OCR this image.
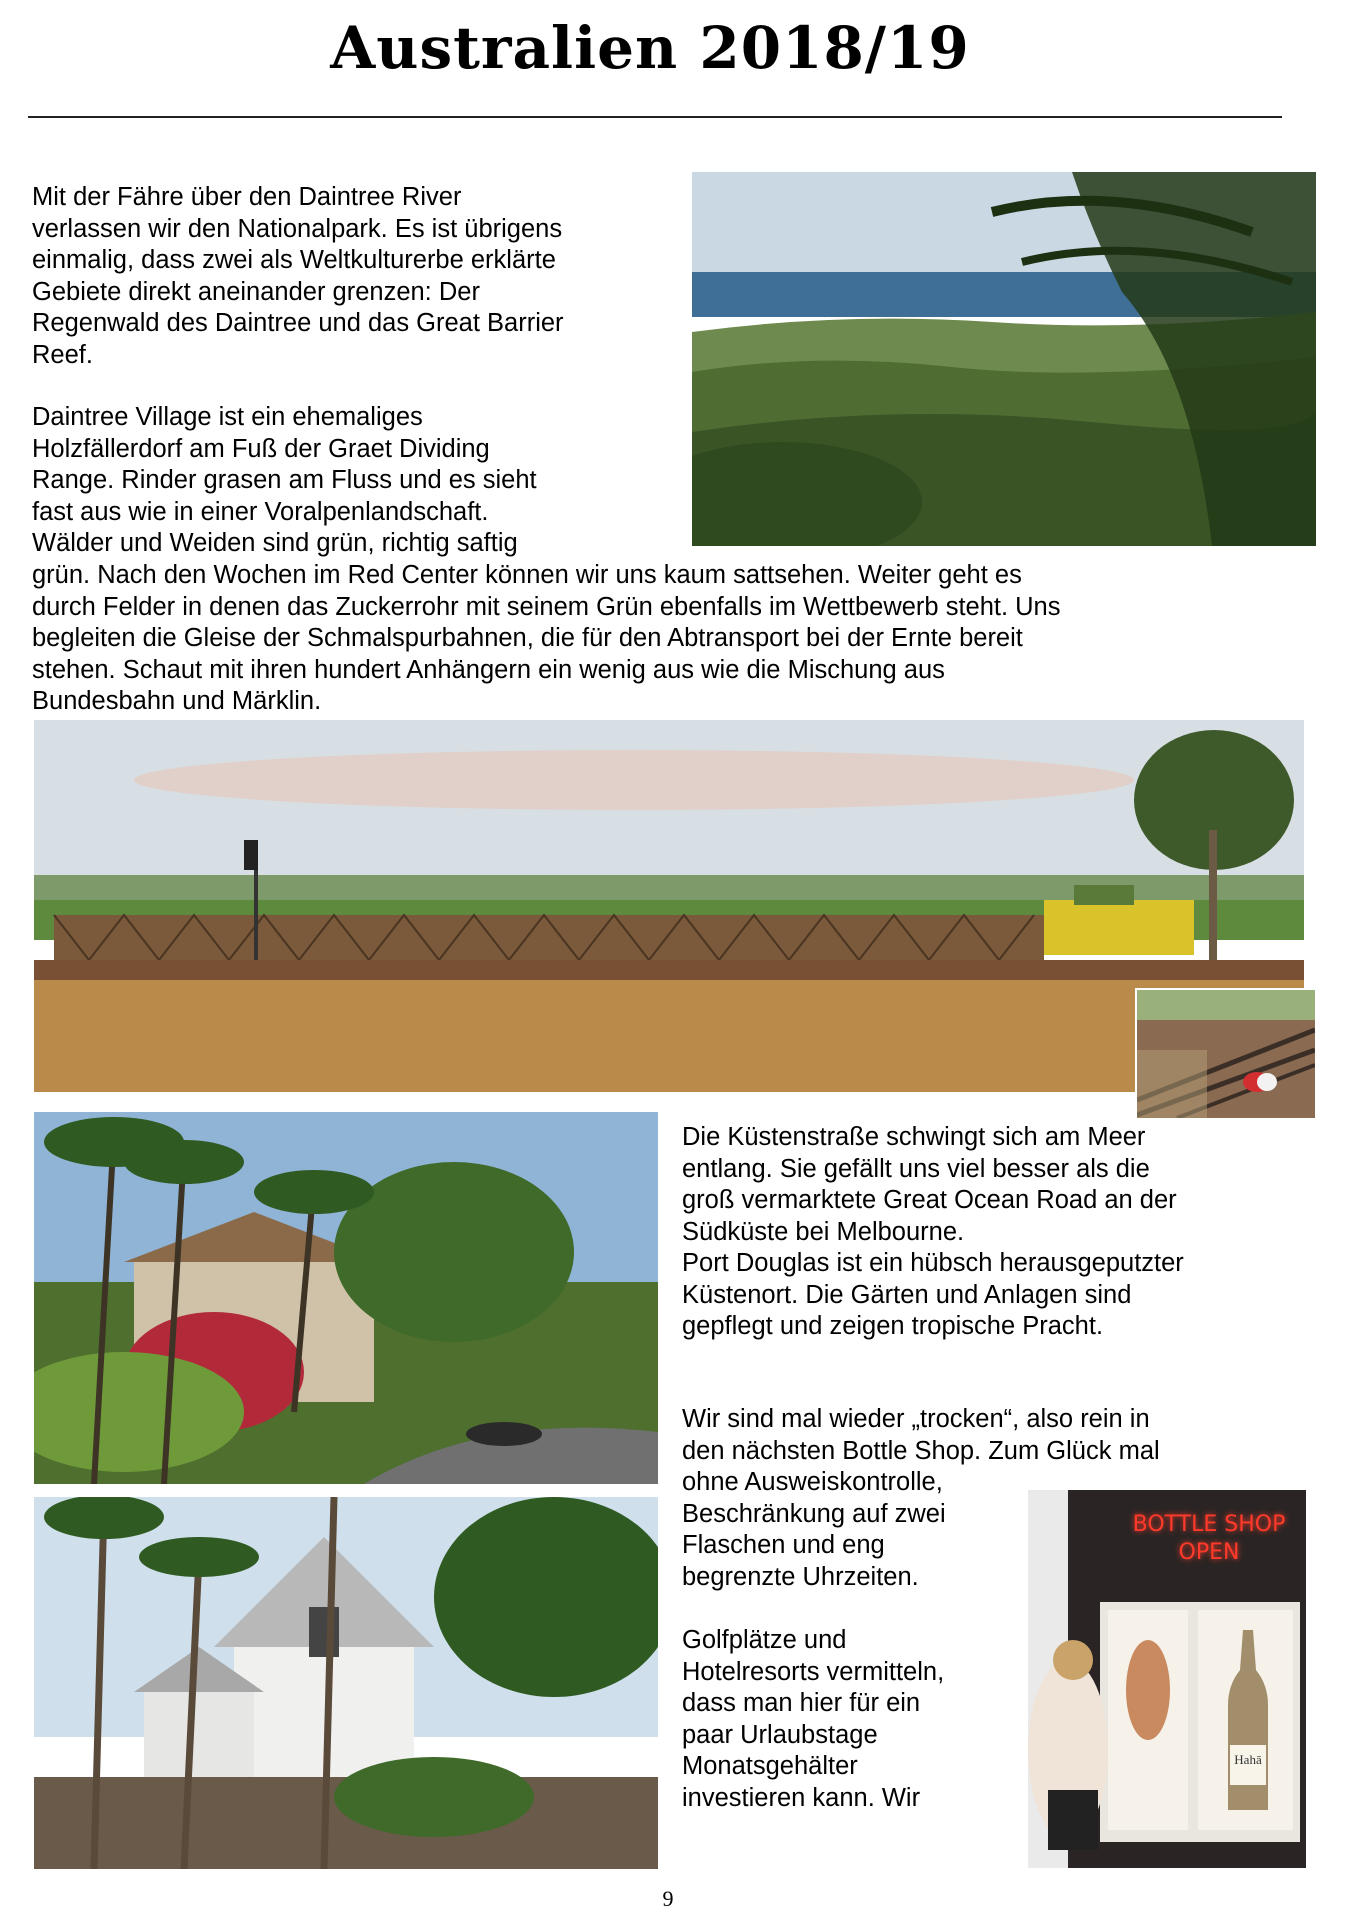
Australien 2018/19
Mit der Fähre über den Daintree River
verlassen wir den Nationalpark. Es ist übrigens
einmalig, dass zwei als Weltkulturerbe erklärte
Gebiete direkt aneinander grenzen: Der
Regenwald des Daintree und das Great Barrier
Reef.
Daintree Village ist ein ehemaliges
Holzfällerdorf am Fuß der Graet Dividing
Range. Rinder grasen am Fluss und es sieht
fast aus wie in einer Voralpenlandschaft.
Wälder und Weiden sind grün, richtig saftig
grün. Nach den Wochen im Red Center können wir uns kaum sattsehen. Weiter geht es
durch Felder in denen das Zuckerrohr mit seinem Grün ebenfalls im Wettbewerb steht. Uns
begleiten die Gleise der Schmalspurbahnen, die für den Abtransport bei der Ernte bereit
stehen. Schaut mit ihren hundert Anhängern ein wenig aus wie die Mischung aus
Bundesbahn und Märklin.
Die Küstenstraße schwingt sich am Meer
entlang. Sie gefällt uns viel besser als die
groß vermarktete Great Ocean Road an der
Südküste bei Melbourne.
Port Douglas ist ein hübsch herausgeputzter
Küstenort. Die Gärten und Anlagen sind
gepflegt und zeigen tropische Pracht.
Wir sind mal wieder „trocken“, also rein in
den nächsten Bottle Shop. Zum Glück mal
ohne Ausweiskontrolle,
Beschränkung auf zwei
Flaschen und eng
begrenzte Uhrzeiten.
BOTTLE SHOP
OPEN
Hahā
Golfplätze und
Hotelresorts vermitteln,
dass man hier für ein
paar Urlaubstage
Monatsgehälter
investieren kann. Wir
9
